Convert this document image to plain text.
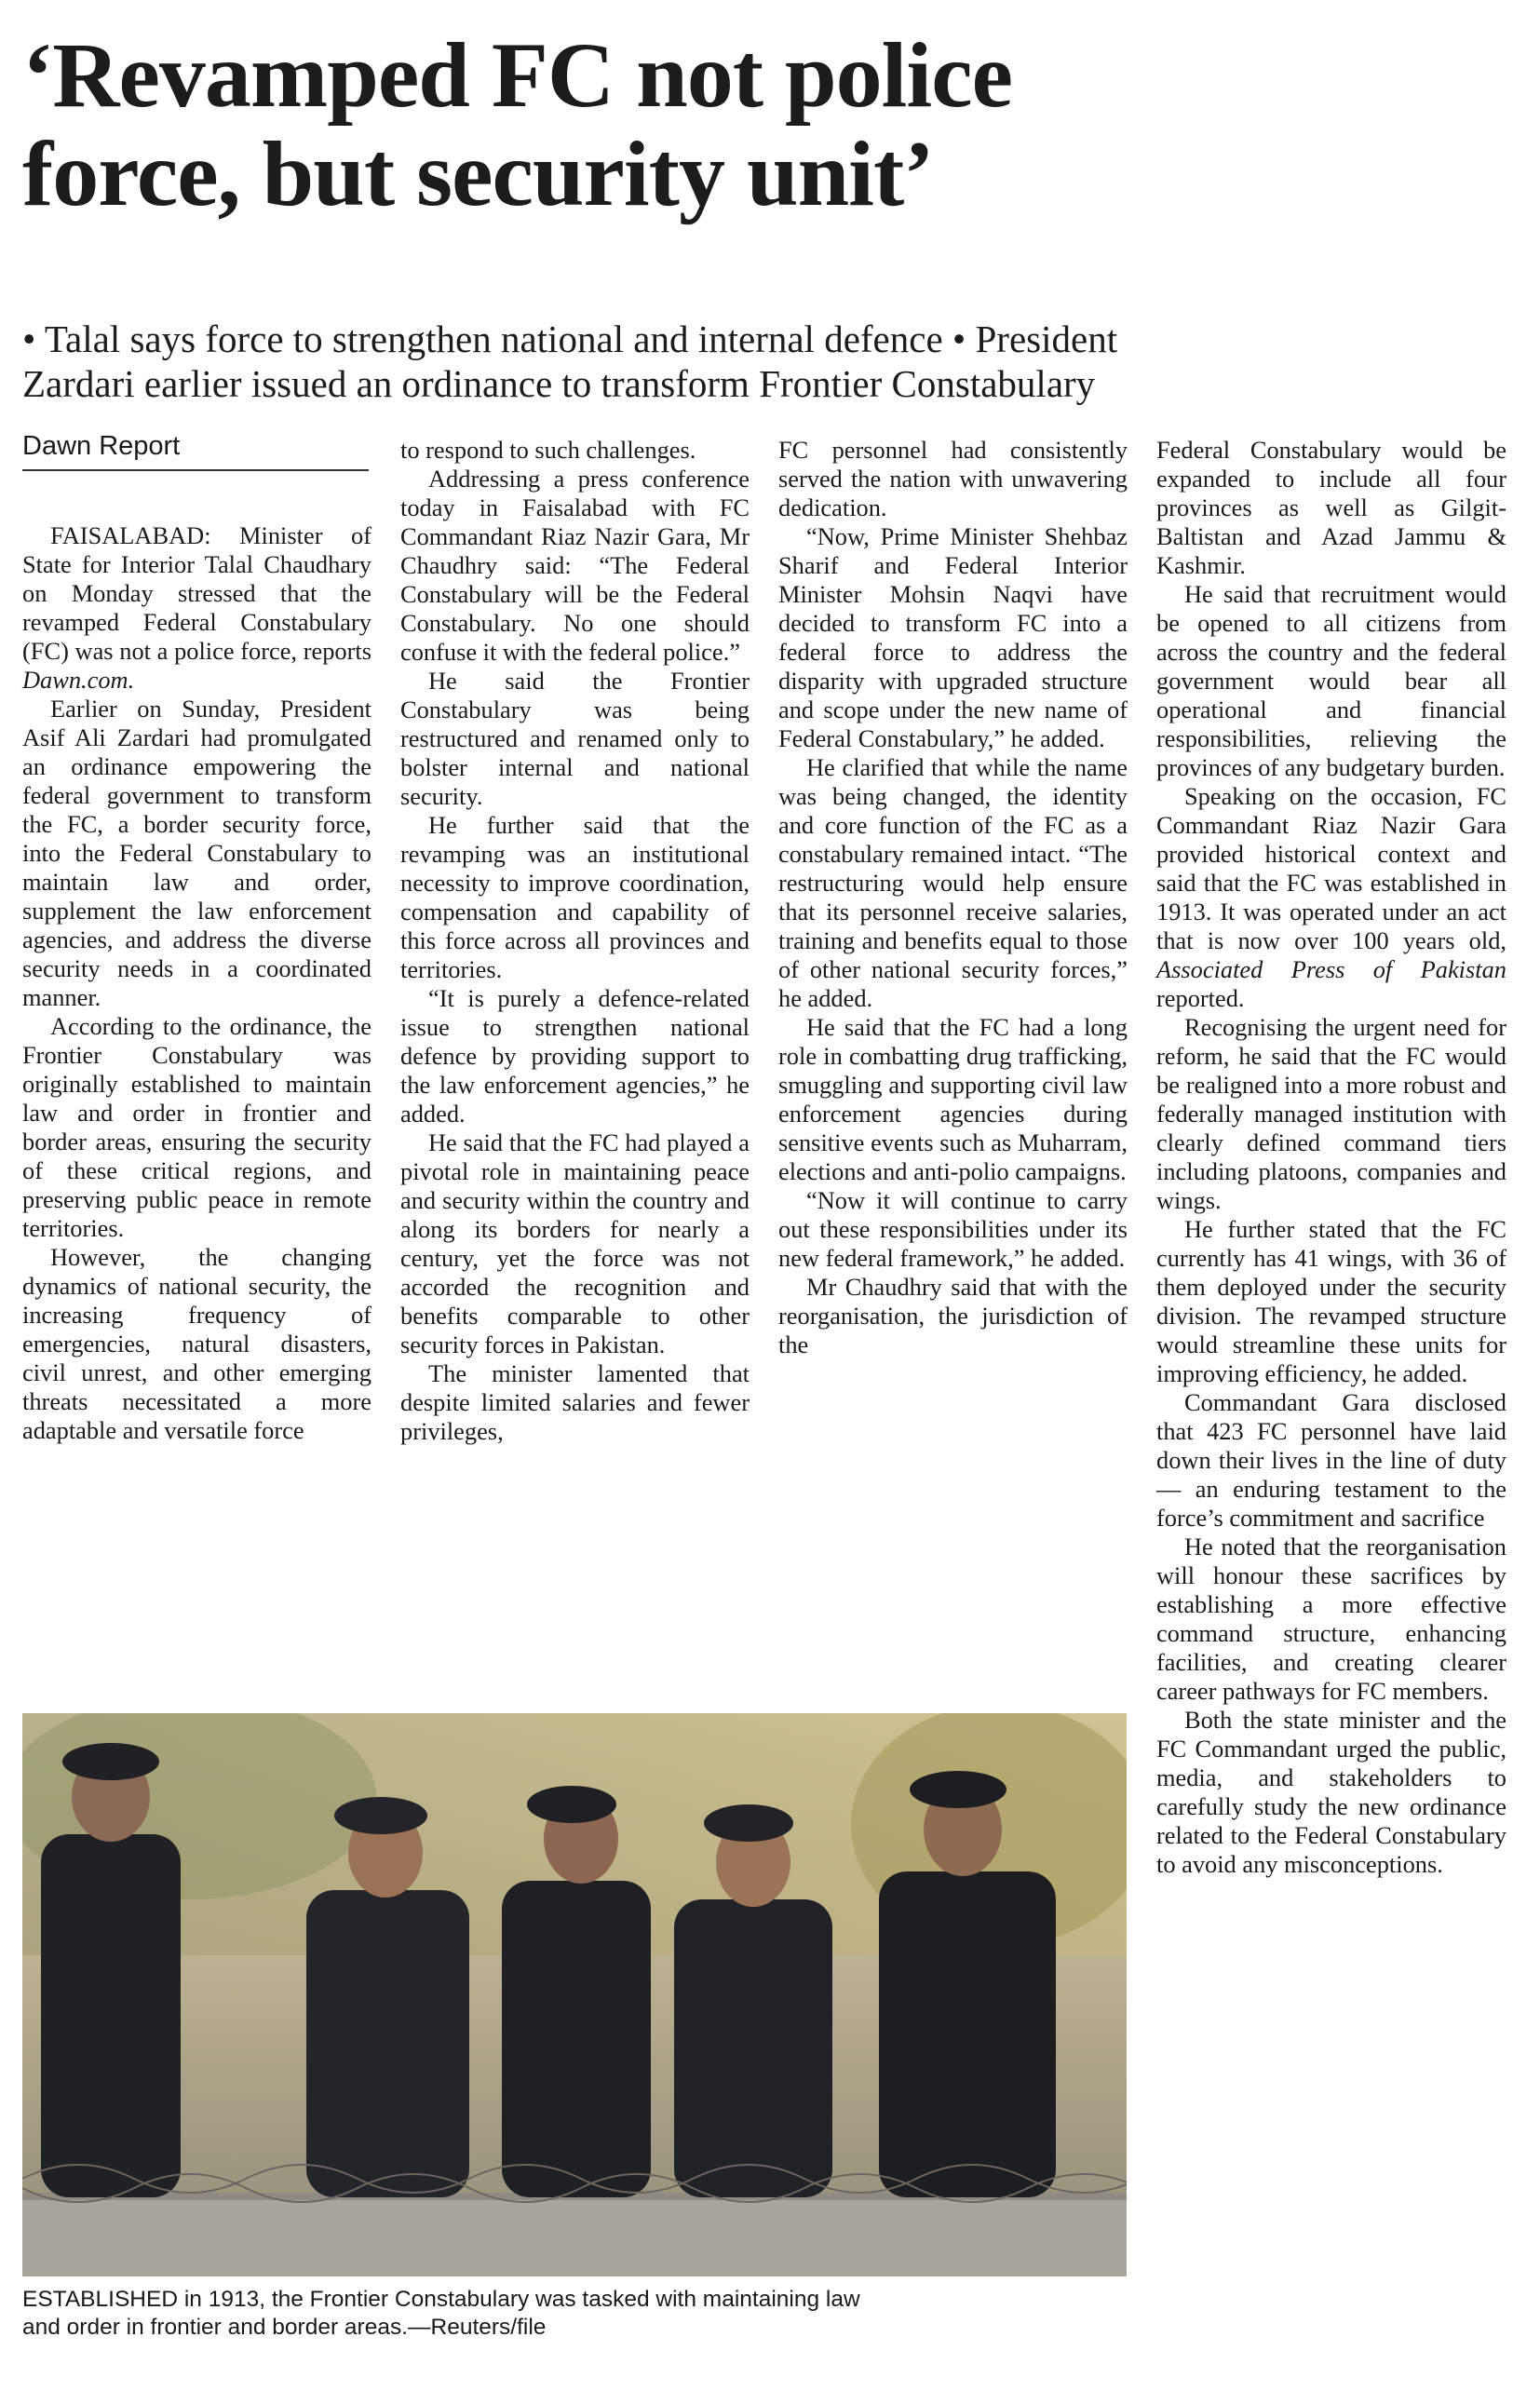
‘Revamped FC not police
force, but security unit’
• Talal says force to strengthen national and internal defence • President
Zardari earlier issued an ordinance to transform Frontier Constabulary
Dawn Report

FAISALABAD: Minister of State for Interior Talal Chaudhary on Monday stressed that the revamped Federal Constabulary (FC) was not a police force, reports Dawn.com.

Earlier on Sunday, President Asif Ali Zardari had promulgated an ordinance empowering the federal government to transform the FC, a border security force, into the Federal Constabulary to maintain law and order, supplement the law enforcement agencies, and address the diverse security needs in a coordinated manner.

According to the ordinance, the Frontier Constabulary was originally established to maintain law and order in frontier and border areas, ensuring the security of these critical regions, and preserving public peace in remote territories.

However, the changing dynamics of national security, the increasing frequency of emergencies, natural disasters, civil unrest, and other emerging threats necessitated a more adaptable and versatile force

to respond to such challenges.

Addressing a press conference today in Faisalabad with FC Commandant Riaz Nazir Gara, Mr Chaudhry said: “The Federal Constabulary will be the Federal Constabulary. No one should confuse it with the federal police.”

He said the Frontier Constabulary was being restructured and renamed only to bolster internal and national security.

He further said that the revamping was an institutional necessity to improve coordination, compensation and capability of this force across all provinces and territories.

“It is purely a defence-related issue to strengthen national defence by providing support to the law enforcement agencies,” he added.

He said that the FC had played a pivotal role in maintaining peace and security within the country and along its borders for nearly a century, yet the force was not accorded the recognition and benefits comparable to other security forces in Pakistan.

The minister lamented that despite limited salaries and fewer privileges,

FC personnel had consistently served the nation with unwavering dedication.

“Now, Prime Minister Shehbaz Sharif and Federal Interior Minister Mohsin Naqvi have decided to transform FC into a federal force to address the disparity with upgraded structure and scope under the new name of Federal Constabulary,” he added.

He clarified that while the name was being changed, the identity and core function of the FC as a constabulary remained intact. “The restructuring would help ensure that its personnel receive salaries, training and benefits equal to those of other national security forces,” he added.

He said that the FC had a long role in combatting drug trafficking, smuggling and supporting civil law enforcement agencies during sensitive events such as Muharram, elections and anti-polio campaigns.

“Now it will continue to carry out these responsibilities under its new federal framework,” he added.

Mr Chaudhry said that with the reorganisation, the jurisdiction of the

Federal Constabulary would be expanded to include all four provinces as well as Gilgit-Baltistan and Azad Jammu & Kashmir.

He said that recruitment would be opened to all citizens from across the country and the federal government would bear all operational and financial responsibilities, relieving the provinces of any budgetary burden.

Speaking on the occasion, FC Commandant Riaz Nazir Gara provided historical context and said that the FC was established in 1913. It was operated under an act that is now over 100 years old, Associated Press of Pakistan reported.

Recognising the urgent need for reform, he said that the FC would be realigned into a more robust and federally managed institution with clearly defined command tiers including platoons, companies and wings.

He further stated that the FC currently has 41 wings, with 36 of them deployed under the security division. The revamped structure would streamline these units for improving efficiency, he added.

Commandant Gara disclosed that 423 FC personnel have laid down their lives in the line of duty — an enduring testament to the force’s commitment and sacrifice

He noted that the reorganisation will honour these sacrifices by establishing a more effective command structure, enhancing facilities, and creating clearer career pathways for FC members.

Both the state minister and the FC Commandant urged the public, media, and stakeholders to carefully study the new ordinance related to the Federal Constabulary to avoid any misconceptions.

ESTABLISHED in 1913, the Frontier Constabulary was tasked with maintaining law
and order in frontier and border areas.—Reuters/file
